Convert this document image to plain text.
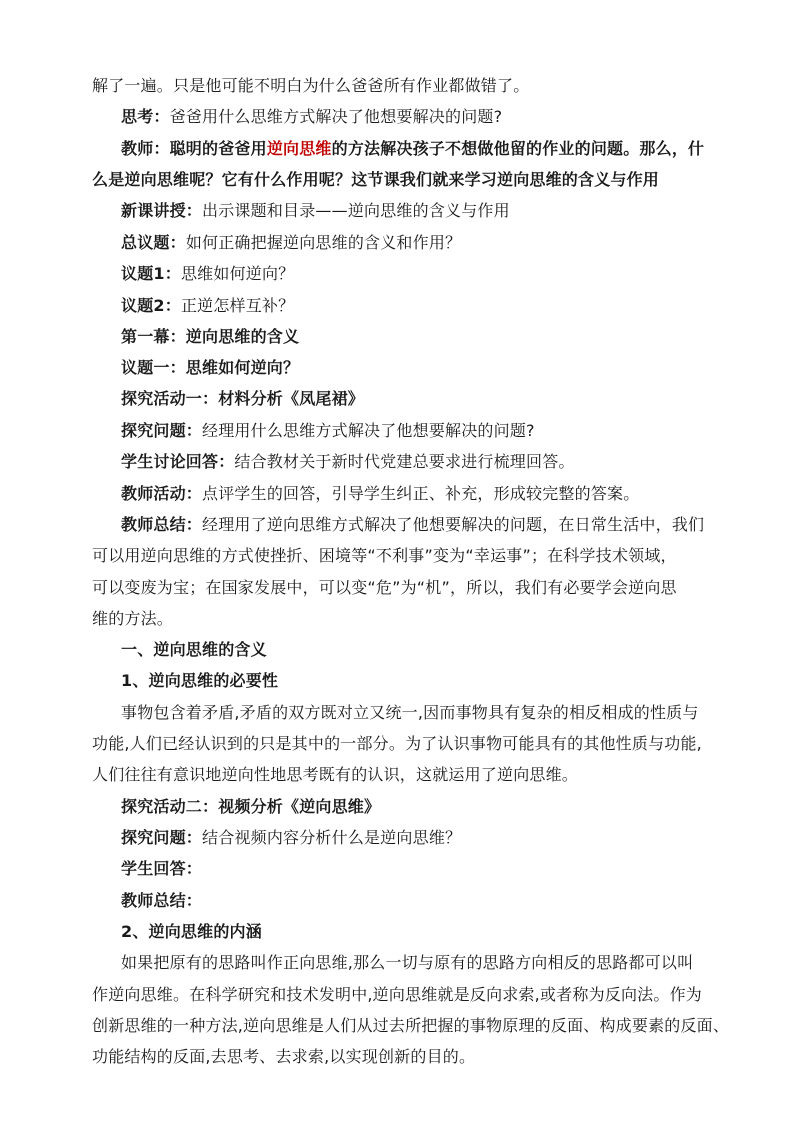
解了一遍。只是他可能不明白为什么爸爸所有作业都做错了。
思考：爸爸用什么思维方式解决了他想要解决的问题?
教师：聪明的爸爸用逆向思维的方法解决孩子不想做他留的作业的问题。那么，什
么是逆向思维呢？它有什么作用呢？这节课我们就来学习逆向思维的含义与作用
新课讲授：出示课题和目录——逆向思维的含义与作用
总议题：如何正确把握逆向思维的含义和作用？
议题1：思维如何逆向？
议题2：正逆怎样互补？
第一幕：逆向思维的含义
议题一：思维如何逆向？
探究活动一：材料分析《凤尾裙》
探究问题：经理用什么思维方式解决了他想要解决的问题?
学生讨论回答：结合教材关于新时代党建总要求进行梳理回答。
教师活动：点评学生的回答，引导学生纠正、补充，形成较完整的答案。
教师总结：经理用了逆向思维方式解决了他想要解决的问题，在日常生活中，我们
可以用逆向思维的方式使挫折、困境等“不利事”变为“幸运事”；在科学技术领域，
可以变废为宝；在国家发展中，可以变“危”为“机”，所以，我们有必要学会逆向思
维的方法。
一、逆向思维的含义
1、逆向思维的必要性
事物包含着矛盾,矛盾的双方既对立又统一,因而事物具有复杂的相反相成的性质与
功能,人们已经认识到的只是其中的一部分。为了认识事物可能具有的其他性质与功能,
人们往往有意识地逆向性地思考既有的认识，这就运用了逆向思维。
探究活动二：视频分析《逆向思维》
探究问题：结合视频内容分析什么是逆向思维？
学生回答：
教师总结：
2、逆向思维的内涵
如果把原有的思路叫作正向思维,那么一切与原有的思路方向相反的思路都可以叫
作逆向思维。在科学研究和技术发明中,逆向思维就是反向求索,或者称为反向法。作为
创新思维的一种方法,逆向思维是人们从过去所把握的事物原理的反面、构成要素的反面、
功能结构的反面,去思考、去求索,以实现创新的目的。
